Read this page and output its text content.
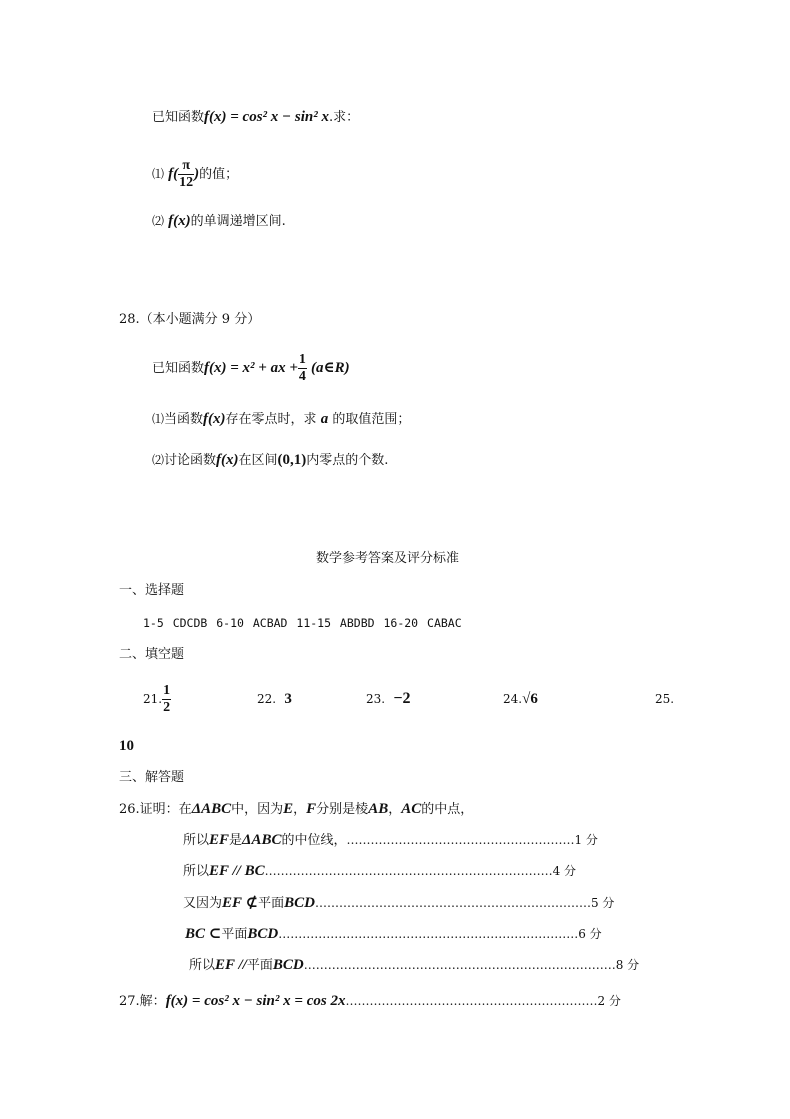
已知函数f(x) = cos² x − sin² x.求：
⑴ $f( \frac{\pi}{12}$ )的值；
⑵ f(x)的单调递增区间.
28.（本小题满分 9 分）
已知函数f(x) = x² + ax + $\frac{1}{4}$ (a∈R)
⑴当函数f(x)存在零点时，求 a 的取值范围；
⑵讨论函数f(x)在区间(0,1)内零点的个数.
数学参考答案及评分标准
一、选择题
1-5 CDCDB 6-10 ACBAD 11-15 ABDBD 16-20 CABAC
二、填空题
21. $\frac{1}{2}$	22. 3	23. −2	24.√6	25.
10
三、解答题
26.证明：在ΔABC中，因为E，F分别是棱AB，AC的中点，
所以EF是ΔABC的中位线，…………………………………………………1 分
所以EF // BC………………………………………………………………4 分
又因为EF ⊄平面BCD……………………………………………………………5 分
BC ⊂平面BCD…………………………………………………………………6 分
所以EF //平面BCD……………………………………………………………………8 分
27.解：f(x) = cos² x − sin² x = cos 2x………………………………………………………2 分
